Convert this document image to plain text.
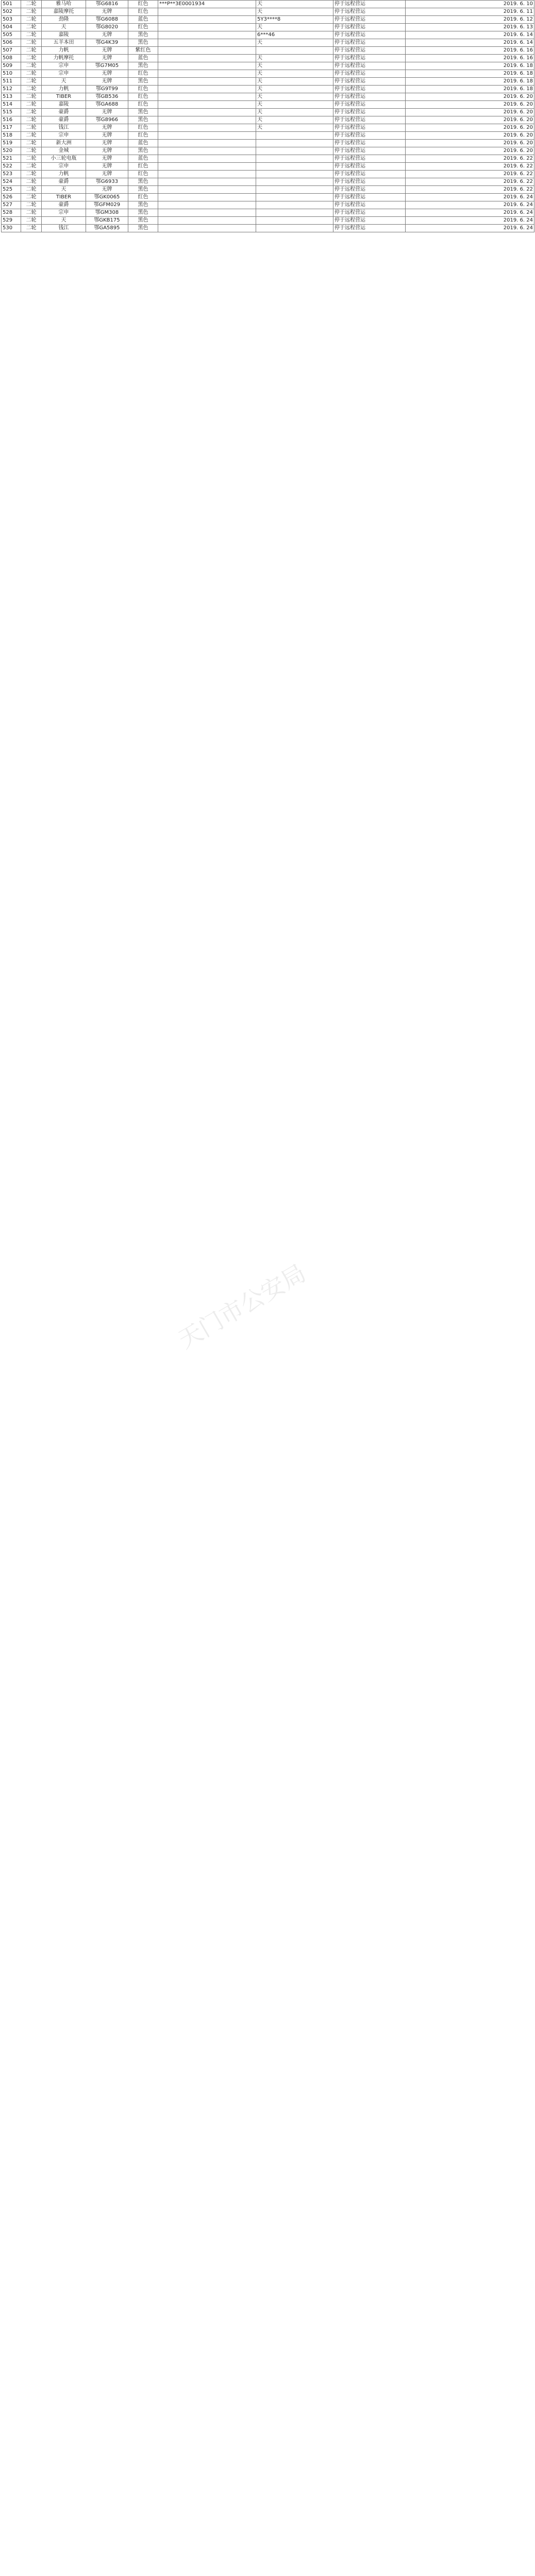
501	二轮	雅马哈	鄂G6816	红色	***P**3E0001934	天	停于远程营运	2019. 6. 10
502	二轮	嘉陵摩托	无牌	红色		天	停于远程营运	2019. 6. 11
503	二轮	劲隆	鄂G6088	蓝色		5Y3****8	停于远程营运	2019. 6. 12
504	二轮	天	鄂G8020	红色		天	停于远程营运	2019. 6. 13
505	二轮	嘉陵	无牌	黑色		6***46	停于远程营运	2019. 6. 14
506	二轮	五羊本田	鄂G4K39	黑色		天	停于远程营运	2019. 6. 14
507	二轮	力帆	无牌	紫红色			停于远程营运	2019. 6. 16
508	二轮	力帆摩托	无牌	蓝色		天	停于远程营运	2019. 6. 16
509	二轮	宗申	鄂G7M05	黑色		天	停于远程营运	2019. 6. 18
510	二轮	宗申	无牌	红色		天	停于远程营运	2019. 6. 18
511	二轮	天	无牌	黑色		天	停于远程营运	2019. 6. 18
512	二轮	力帆	鄂G9T99	红色		天	停于远程营运	2019. 6. 18
513	二轮	TIBER	鄂GB536	红色		天	停于远程营运	2019. 6. 20
514	二轮	嘉陵	鄂GA688	红色		天	停于远程营运	2019. 6. 20
515	二轮	豪爵	无牌	黑色		天	停于远程营运	2019. 6. 20
516	二轮	豪爵	鄂G8966	黑色		天	停于远程营运	2019. 6. 20
517	二轮	钱江	无牌	红色		天	停于远程营运	2019. 6. 20
518	二轮	宗申	无牌	红色			停于远程营运	2019. 6. 20
519	二轮	新大洲	无牌	蓝色			停于远程营运	2019. 6. 20
520	二轮	金城	无牌	黑色			停于远程营运	2019. 6. 20
521	二轮	小三轮电瓶	无牌	蓝色			停于远程营运	2019. 6. 22
522	二轮	宗申	无牌	红色			停于远程营运	2019. 6. 22
523	二轮	力帆	无牌	红色			停于远程营运	2019. 6. 22
524	二轮	豪爵	鄂G6933	黑色			停于远程营运	2019. 6. 22
525	二轮	天	无牌	黑色			停于远程营运	2019. 6. 22
526	二轮	TIBER	鄂GK0065	红色			停于远程营运	2019. 6. 24
527	二轮	豪爵	鄂GFM029	黑色			停于远程营运	2019. 6. 24
528	二轮	宗申	鄂GM308	黑色			停于远程营运	2019. 6. 24
529	二轮	天	鄂GKB175	黑色			停于远程营运	2019. 6. 24
530	二轮	钱江	鄂GA5895	黑色			停于远程营运	2019. 6. 24
天门市公安局
